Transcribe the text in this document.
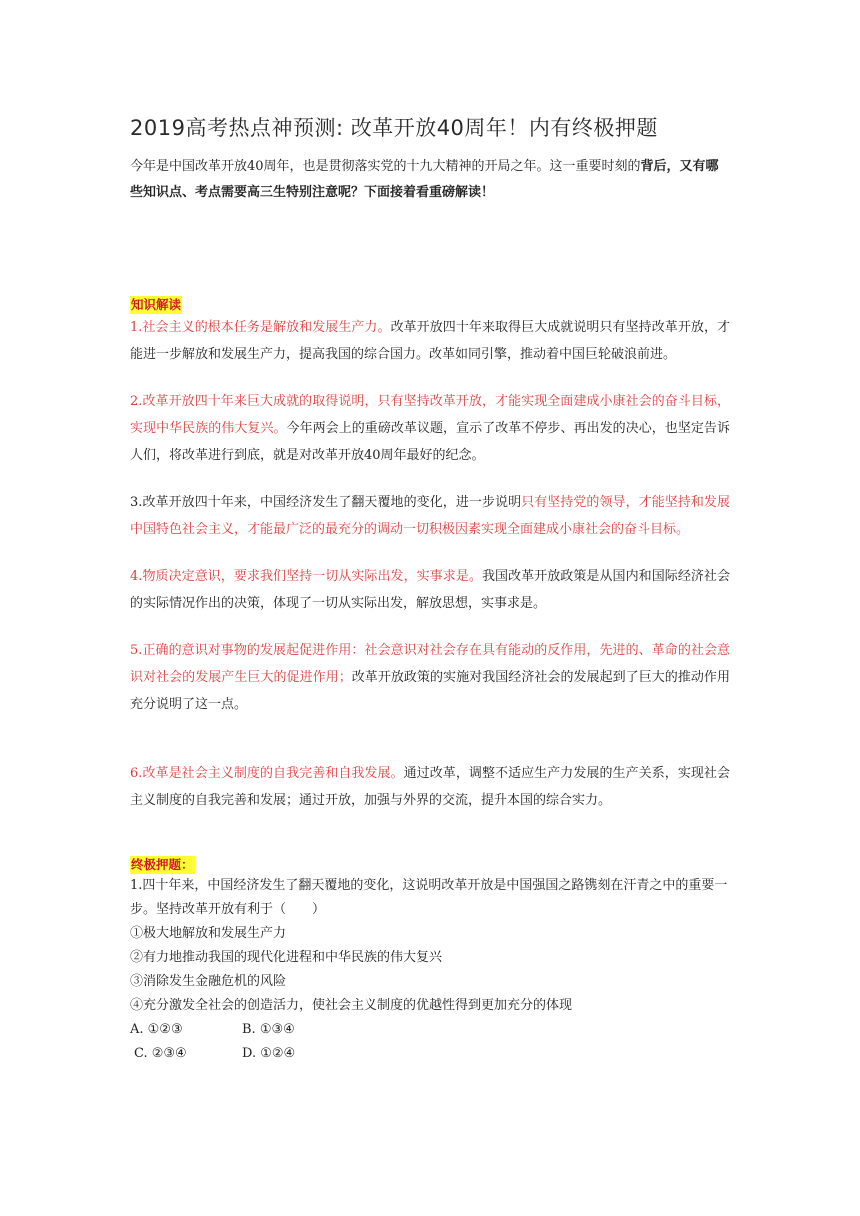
2019高考热点神预测: 改革开放40周年！内有终极押题
今年是中国改革开放40周年，也是贯彻落实党的十九大精神的开局之年。这一重要时刻的背后，又有哪些知识点、考点需要高三生特别注意呢？下面接着看重磅解读！
知识解读

1.社会主义的根本任务是解放和发展生产力。改革开放四十年来取得巨大成就说明只有坚持改革开放，才能进一步解放和发展生产力，提高我国的综合国力。改革如同引擎，推动着中国巨轮破浪前进。

2.改革开放四十年来巨大成就的取得说明，只有坚持改革开放，才能实现全面建成小康社会的奋斗目标，实现中华民族的伟大复兴。今年两会上的重磅改革议题，宣示了改革不停步、再出发的决心，也坚定告诉人们，将改革进行到底，就是对改革开放40周年最好的纪念。

3.改革开放四十年来，中国经济发生了翻天覆地的变化，进一步说明只有坚持党的领导，才能坚持和发展中国特色社会主义，才能最广泛的最充分的调动一切积极因素实现全面建成小康社会的奋斗目标。

4.物质决定意识，要求我们坚持一切从实际出发，实事求是。我国改革开放政策是从国内和国际经济社会的实际情况作出的决策，体现了一切从实际出发，解放思想，实事求是。

5.正确的意识对事物的发展起促进作用：社会意识对社会存在具有能动的反作用，先进的、革命的社会意识对社会的发展产生巨大的促进作用；改革开放政策的实施对我国经济社会的发展起到了巨大的推动作用充分说明了这一点。

6.改革是社会主义制度的自我完善和自我发展。通过改革，调整不适应生产力发展的生产关系，实现社会主义制度的自我完善和发展；通过开放，加强与外界的交流，提升本国的综合实力。

终极押题：

1.四十年来，中国经济发生了翻天覆地的变化，这说明改革开放是中国强国之路镌刻在汗青之中的重要一步。坚持改革开放有利于（　　）

①极大地解放和发展生产力

②有力地推动我国的现代化进程和中华民族的伟大复兴

③消除发生金融危机的风险

④充分激发全社会的创造活力，使社会主义制度的优越性得到更加充分的体现

A. ①②③	B. ①③④
C. ②③④	D. ①②④
